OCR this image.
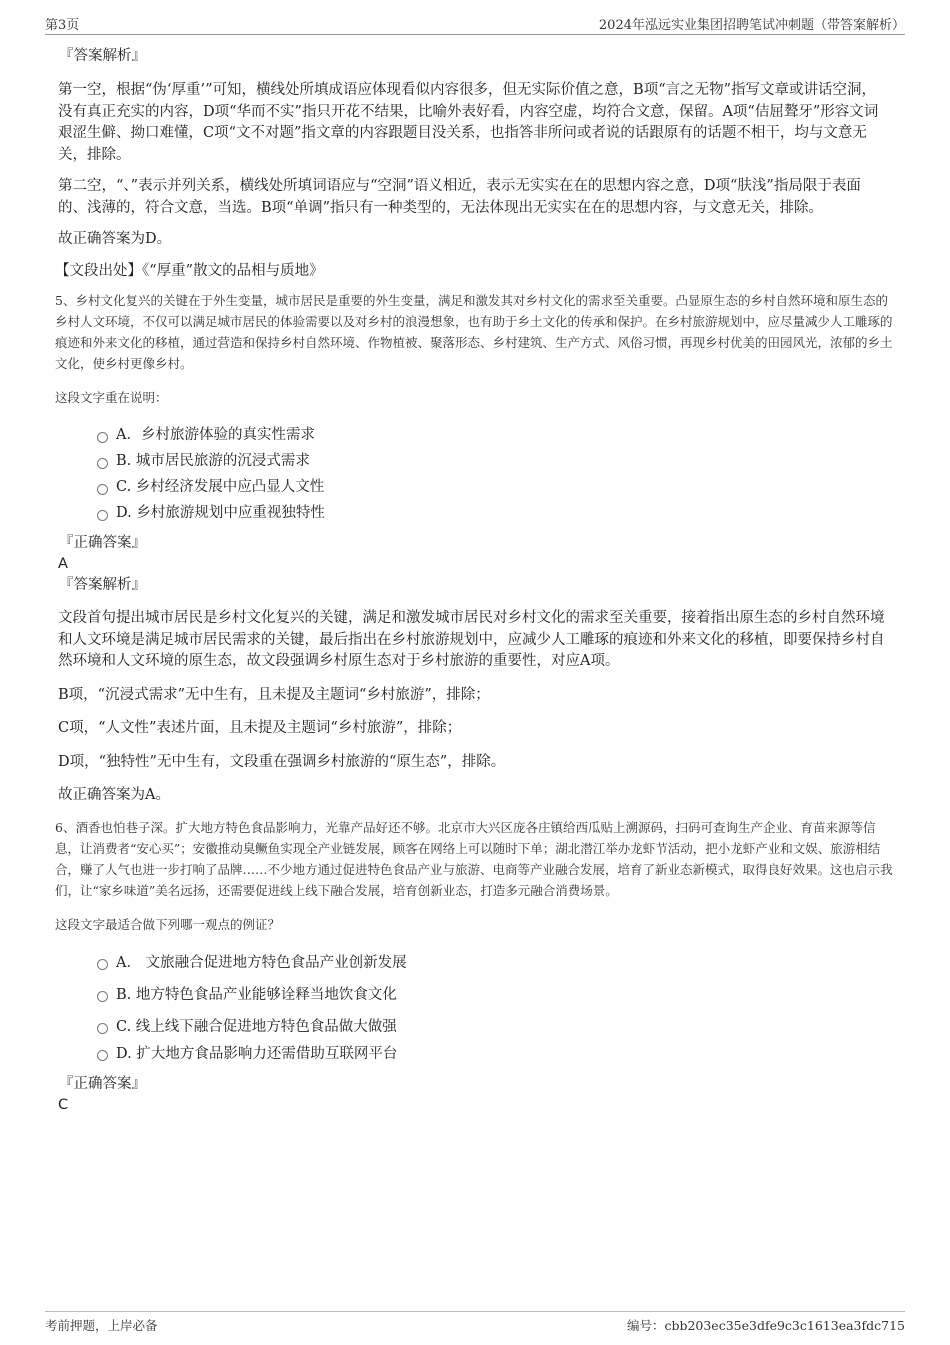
第3页	2024年泓远实业集团招聘笔试冲刺题（带答案解析）
『答案解析』

第一空，根据“伪‘厚重’”可知，横线处所填成语应体现看似内容很多，但无实际价值之意，B项“言之无物”指写文章或讲话空洞，没有真正充实的内容，D项“华而不实”指只开花不结果，比喻外表好看，内容空虚，均符合文意，保留。A项“佶屈聱牙”形容文词艰涩生僻、拗口难懂，C项“文不对题”指文章的内容跟题目没关系，也指答非所问或者说的话跟原有的话题不相干，均与文意无关，排除。

第二空，“、”表示并列关系，横线处所填词语应与“空洞”语义相近，表示无实实在在的思想内容之意，D项“肤浅”指局限于表面的、浅薄的，符合文意，当选。B项“单调”指只有一种类型的，无法体现出无实实在在的思想内容，与文意无关，排除。

故正确答案为D。

【文段出处】《“厚重”散文的品相与质地》

5、乡村文化复兴的关键在于外生变量，城市居民是重要的外生变量，满足和激发其对乡村文化的需求至关重要。凸显原生态的乡村自然环境和原生态的乡村人文环境，不仅可以满足城市居民的体验需要以及对乡村的浪漫想象，也有助于乡土文化的传承和保护。在乡村旅游规划中，应尽量减少人工雕琢的痕迹和外来文化的移植，通过营造和保持乡村自然环境、作物植被、聚落形态、乡村建筑、生产方式、风俗习惯，再现乡村优美的田园风光，浓郁的乡土文化，使乡村更像乡村。

这段文字重在说明：

A．乡村旅游体验的真实性需求
B. 城市居民旅游的沉浸式需求
C. 乡村经济发展中应凸显人文性
D. 乡村旅游规划中应重视独特性
『正确答案』
A
『答案解析』

文段首句提出城市居民是乡村文化复兴的关键，满足和激发城市居民对乡村文化的需求至关重要，接着指出原生态的乡村自然环境和人文环境是满足城市居民需求的关键，最后指出在乡村旅游规划中，应减少人工雕琢的痕迹和外来文化的移植，即要保持乡村自然环境和人文环境的原生态，故文段强调乡村原生态对于乡村旅游的重要性，对应A项。

B项，“沉浸式需求”无中生有，且未提及主题词“乡村旅游”，排除；

C项，“人文性”表述片面，且未提及主题词“乡村旅游”，排除；

D项，“独特性”无中生有，文段重在强调乡村旅游的“原生态”，排除。

故正确答案为A。

6、酒香也怕巷子深。扩大地方特色食品影响力，光靠产品好还不够。北京市大兴区庞各庄镇给西瓜贴上溯源码，扫码可查询生产企业、育苗来源等信息，让消费者“安心买”；安徽推动臭鳜鱼实现全产业链发展，顾客在网络上可以随时下单；湖北潜江举办龙虾节活动，把小龙虾产业和文娱、旅游相结合，赚了人气也进一步打响了品牌……不少地方通过促进特色食品产业与旅游、电商等产业融合发展，培育了新业态新模式，取得良好效果。这也启示我们，让“家乡味道”美名远扬，还需要促进线上线下融合发展，培育创新业态，打造多元融合消费场景。

这段文字最适合做下列哪一观点的例证？

A． 文旅融合促进地方特色食品产业创新发展
B. 地方特色食品产业能够诠释当地饮食文化
C. 线上线下融合促进地方特色食品做大做强
D. 扩大地方食品影响力还需借助互联网平台
『正确答案』
C
考前押题，上岸必备	编号：cbb203ec35e3dfe9c3c1613ea3fdc715
